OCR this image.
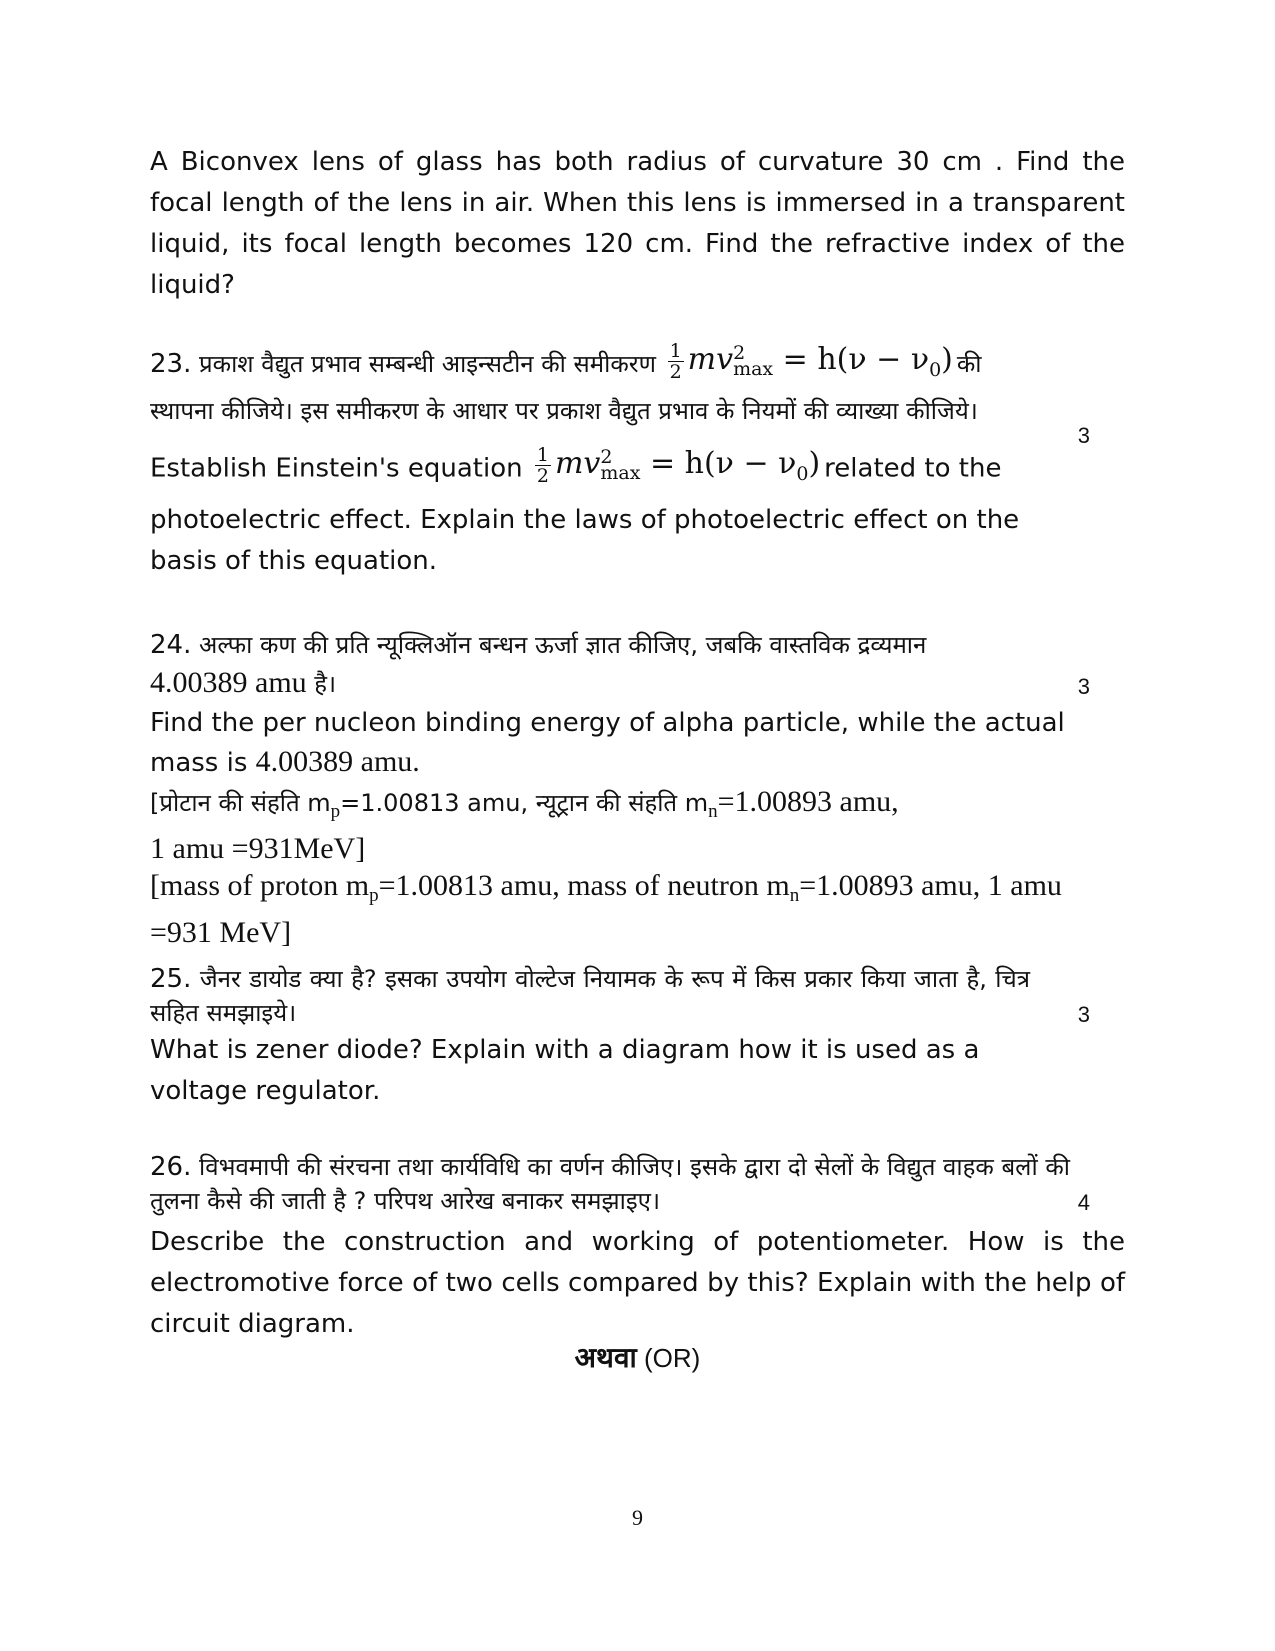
A Biconvex lens of glass has both radius of curvature 30 cm . Find the focal length of the lens in air. When this lens is immersed in a transparent liquid, its focal length becomes 120 cm. Find the refractive index of the liquid?

23. प्रकाश वैद्युत प्रभाव सम्बन्धी आइन्सटीन की समीकरण $\frac{1}{2}$ mv 2
$\max = h(\nu - \nu_0)$ की

स्थापना कीजिये। इस समीकरण के आधार पर प्रकाश वैद्युत प्रभाव के नियमों की व्याख्या कीजिये।

3

Establish Einstein's equation $\frac{1}{2}$ mv 2
$\max = h(\nu - \nu_0)$ related to the

photoelectric effect. Explain the laws of photoelectric effect on the basis of this equation.

24. अल्फा कण की प्रति न्यूक्लिऑन बन्धन ऊर्जा ज्ञात कीजिए, जबकि वास्तविक द्रव्यमान

4.00389 amu है।	3

Find the per nucleon binding energy of alpha particle, while the actual mass is 4.00389 amu.

[प्रोटान की संहति $m_p=1.00813$ amu, न्यूट्रान की संहति $m_n=1.00893$ amu,
1 amu =931MeV]

[mass of proton $m_p=1.00813$ amu, mass of neutron $m_n=1.00893$ amu, 1 amu =931 MeV]

25. जैनर डायोड क्या है? इसका उपयोग वोल्टेज नियामक के रूप में किस प्रकार किया जाता है, चित्र सहित समझाइये।	3

What is zener diode? Explain with a diagram how it is used as a voltage regulator.

26. विभवमापी की संरचना तथा कार्यविधि का वर्णन कीजिए। इसके द्वारा दो सेलों के विद्युत वाहक बलों की तुलना कैसे की जाती है ? परिपथ आरेख बनाकर समझाइए।	4

Describe the construction and working of potentiometer. How is the electromotive force of two cells compared by this? Explain with the help of circuit diagram.

अथवा (OR)
9
